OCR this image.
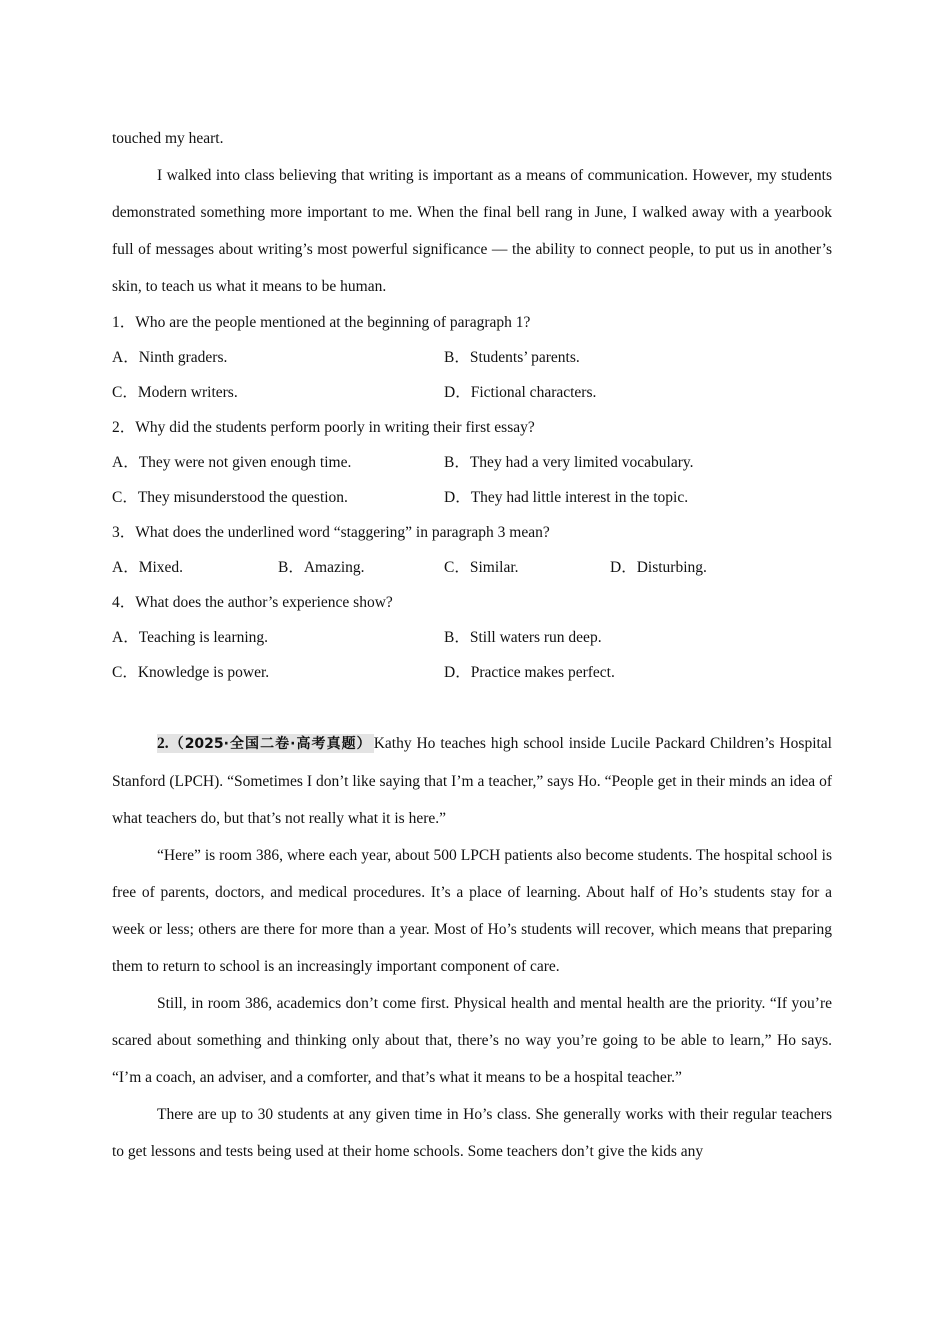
touched my heart.

I walked into class believing that writing is important as a means of communication. However, my students demonstrated something more important to me. When the final bell rang in June, I walked away with a yearbook full of messages about writing’s most powerful significance — the ability to connect people, to put us in another’s skin, to teach us what it means to be human.

1．Who are the people mentioned at the beginning of paragraph 1?

A．Ninth graders.	B．Students’ parents.
C．Modern writers.	D．Fictional characters.

2．Why did the students perform poorly in writing their first essay?

A．They were not given enough time.	B．They had a very limited vocabulary.
C．They misunderstood the question.	D．They had little interest in the topic.

3．What does the underlined word “staggering” in paragraph 3 mean?

A．Mixed.	B．Amazing.	C．Similar.	D．Disturbing.

4．What does the author’s experience show?

A．Teaching is learning.	B．Still waters run deep.
C．Knowledge is power.	D．Practice makes perfect.

2.（2025·全国二卷·高考真题） Kathy Ho teaches high school inside Lucile Packard Children’s Hospital Stanford (LPCH). “Sometimes I don’t like saying that I’m a teacher,” says Ho. “People get in their minds an idea of what teachers do, but that’s not really what it is here.”

“Here” is room 386, where each year, about 500 LPCH patients also become students. The hospital school is free of parents, doctors, and medical procedures. It’s a place of learning. About half of Ho’s students stay for a week or less; others are there for more than a year. Most of Ho’s students will recover, which means that preparing them to return to school is an increasingly important component of care.

Still, in room 386, academics don’t come first. Physical health and mental health are the priority. “If you’re scared about something and thinking only about that, there’s no way you’re going to be able to learn,” Ho says. “I’m a coach, an adviser, and a comforter, and that’s what it means to be a hospital teacher.”

There are up to 30 students at any given time in Ho’s class. She generally works with their regular teachers to get lessons and tests being used at their home schools. Some teachers don’t give the kids any
